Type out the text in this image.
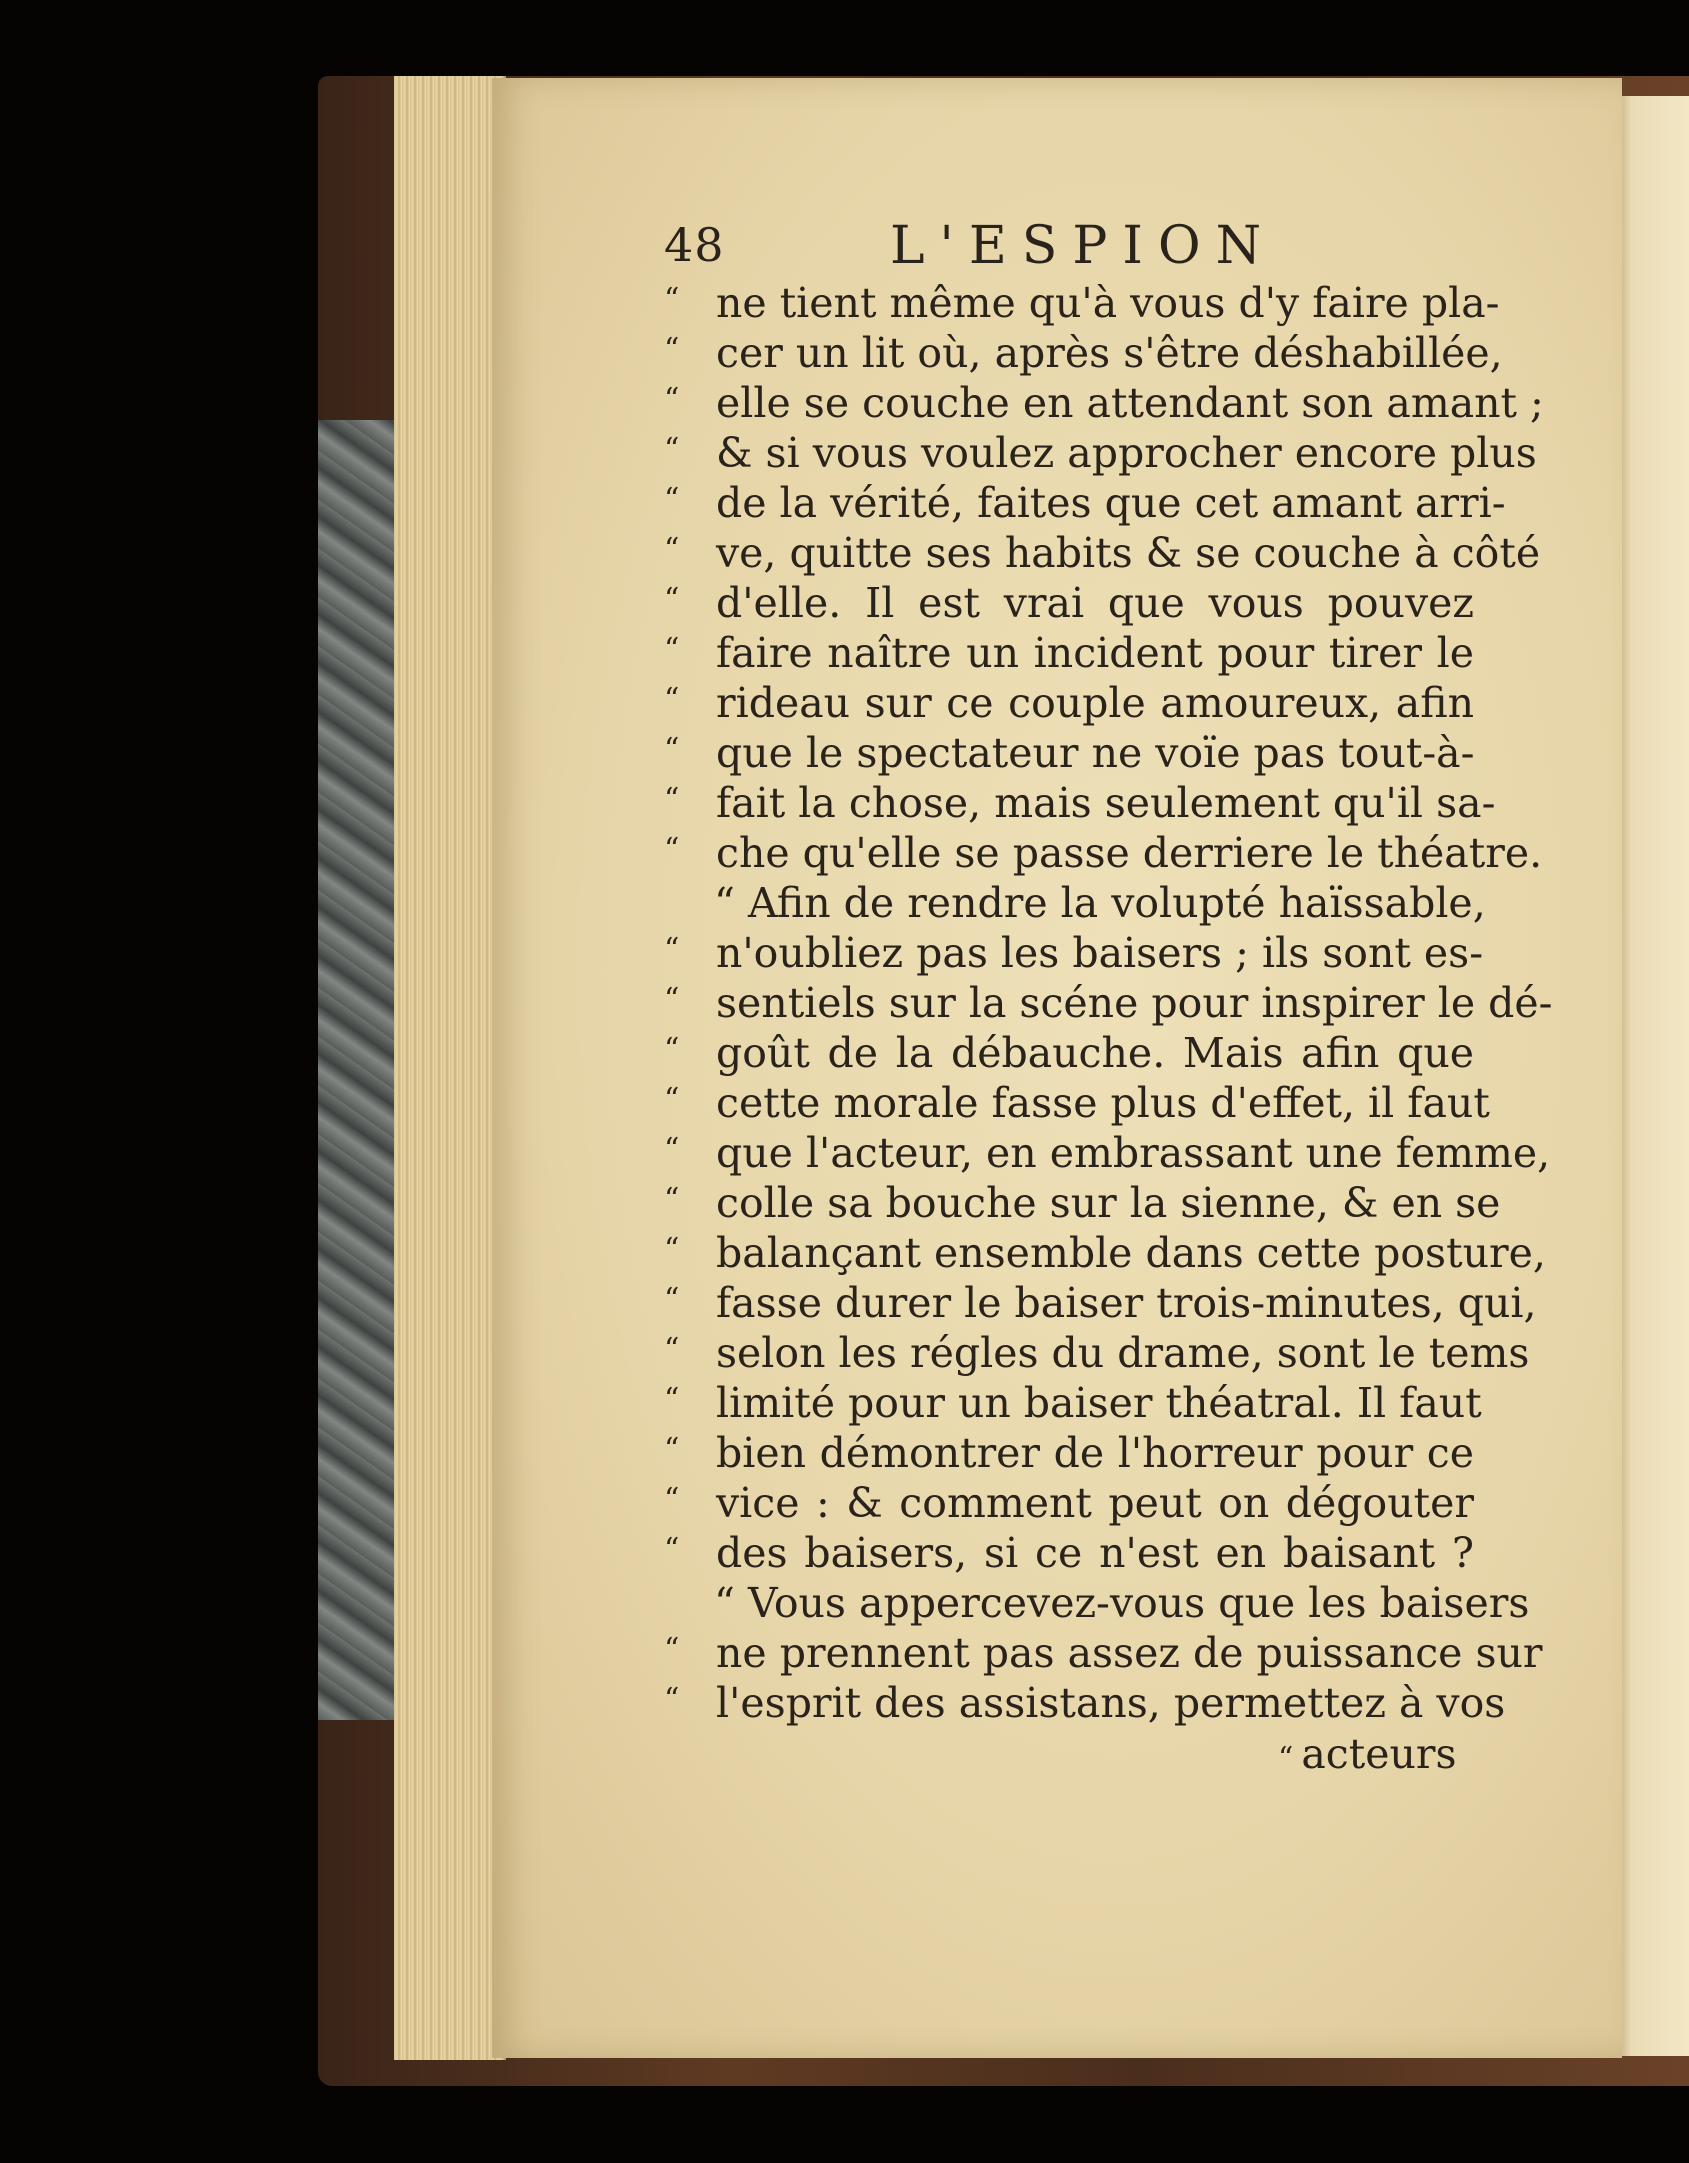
48	L'ESPION
“ ne tient même qu'à vous d'y faire pla-
“ cer un lit où, après s'être déshabillée,
“ elle se couche en attendant son amant ;
“ & si vous voulez approcher encore plus
“ de la vérité, faites que cet amant arri-
“ ve, quitte ses habits & se couche à côté
“ d'elle. Il est vrai que vous pouvez
“ faire naître un incident pour tirer le
“ rideau sur ce couple amoureux, afin
“ que le spectateur ne voïe pas tout-à-
“ fait la chose, mais seulement qu'il sa-
“ che qu'elle se passe derriere le théatre.
“ Afin de rendre la volupté haïssable,
“ n'oubliez pas les baisers ; ils sont es-
“ sentiels sur la scéne pour inspirer le dé-
“ goût de la débauche. Mais afin que
“ cette morale fasse plus d'effet, il faut
“ que l'acteur, en embrassant une femme,
“ colle sa bouche sur la sienne, & en se
“ balançant ensemble dans cette posture,
“ fasse durer le baiser trois-minutes, qui,
“ selon les régles du drame, sont le tems
“ limité pour un baiser théatral. Il faut
“ bien démontrer de l'horreur pour ce
“ vice : & comment peut on dégouter
“ des baisers, si ce n'est en baisant ?
“ Vous appercevez-vous que les baisers
“ ne prennent pas assez de puissance sur
“ l'esprit des assistans, permettez à vos
“ acteurs
